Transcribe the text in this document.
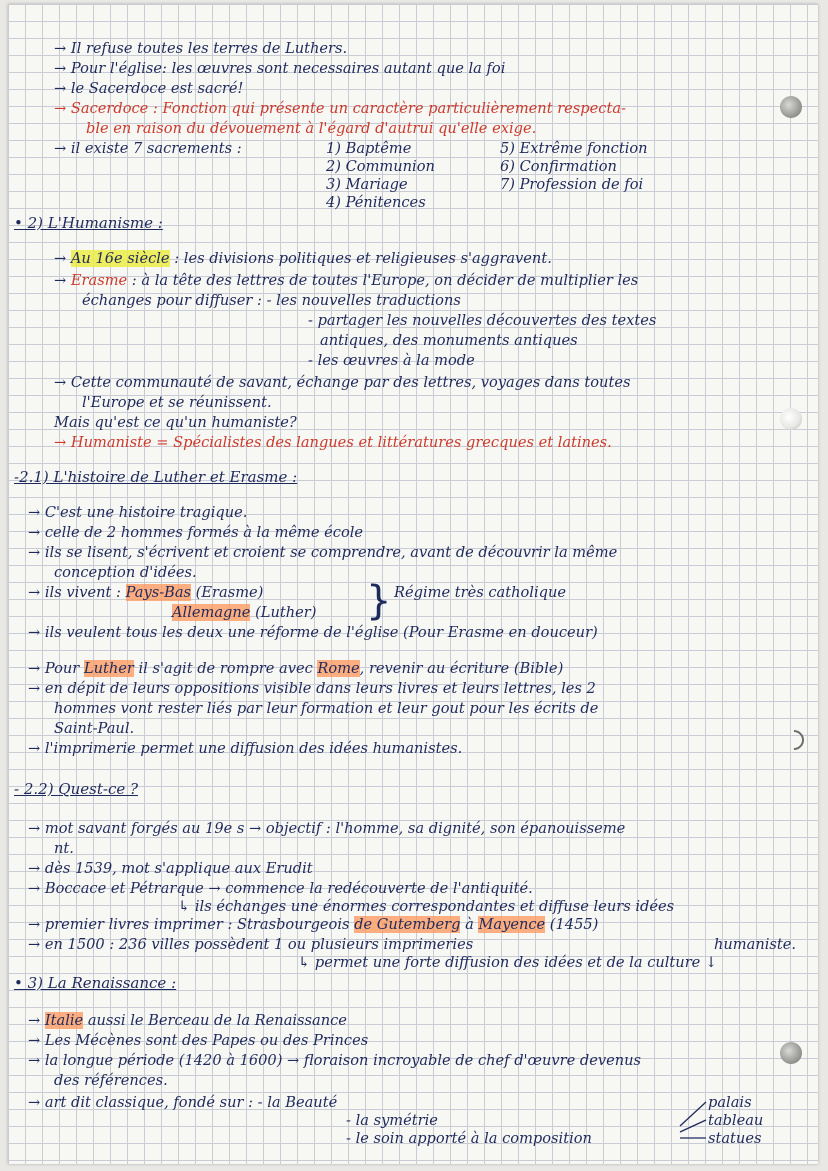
→ Il refuse toutes les terres de Luthers.
→ Pour l'église: les œuvres sont necessaires autant que la foi
→ le Sacerdoce est sacré!
→ Sacerdoce : Fonction qui présente un caractère particulièrement respecta-
ble en raison du dévouement à l'égard d'autrui qu'elle exige.
→ il existe 7 sacrements :	1) Baptême
2) Communion
3) Mariage
4) Pénitences
5) Extrême fonction
6) Confirmation
7) Profession de foi
• 2) L'Humanisme :
→ Au 16e siècle : les divisions politiques et religieuses s'aggravent.
→ Erasme : à la tête des lettres de toutes l'Europe, on décider de multiplier les
échanges pour diffuser : - les nouvelles traductions
- partager les nouvelles découvertes des textes
antiques, des monuments antiques
- les œuvres à la mode
→ Cette communauté de savant, échange par des lettres, voyages dans toutes
l'Europe et se réunissent.
Mais qu'est ce qu'un humaniste?
→ Humaniste = Spécialistes des langues et littératures grecques et latines.
-2.1) L'histoire de Luther et Erasme :
→ C'est une histoire tragique.
→ celle de 2 hommes formés à la même école
→ ils se lisent, s'écrivent et croient se comprendre, avant de découvrir la même
conception d'idées.
→ ils vivent : Pays-Bas (Erasme)
Allemagne (Luther) } Régime très catholique
→ ils veulent tous les deux une réforme de l'église (Pour Erasme en douceur)
→ Pour Luther il s'agit de rompre avec Rome, revenir au écriture (Bible)
→ en dépit de leurs oppositions visible dans leurs livres et leurs lettres, les 2
hommes vont rester liés par leur formation et leur gout pour les écrits de
Saint-Paul.
→ l'imprimerie permet une diffusion des idées humanistes.
- 2.2) Quest-ce ?
→ mot savant forgés au 19e s → objectif : l'homme, sa dignité, son épanouisseme
nt.
→ dès 1539, mot s'applique aux Erudit
→ Boccace et Pétrarque → commence la redécouverte de l'antiquité.
↳ ils échanges une énormes correspondantes et diffuse leurs idées
→ premier livres imprimer : Strasbourgeois de Gutemberg à Mayence (1455)
→ en 1500 : 236 villes possèdent 1 ou plusieurs imprimeries	humaniste.
↳ permet une forte diffusion des idées et de la culture ↓
• 3) La Renaissance :
→ Italie aussi le Berceau de la Renaissance
→ Les Mécènes sont des Papes ou des Princes
→ la longue période (1420 à 1600) → floraison incroyable de chef d'œuvre devenus
des références.
→ art dit classique, fondé sur : - la Beauté
- la symétrie
- le soin apporté à la composition
palais
tableau
statues
